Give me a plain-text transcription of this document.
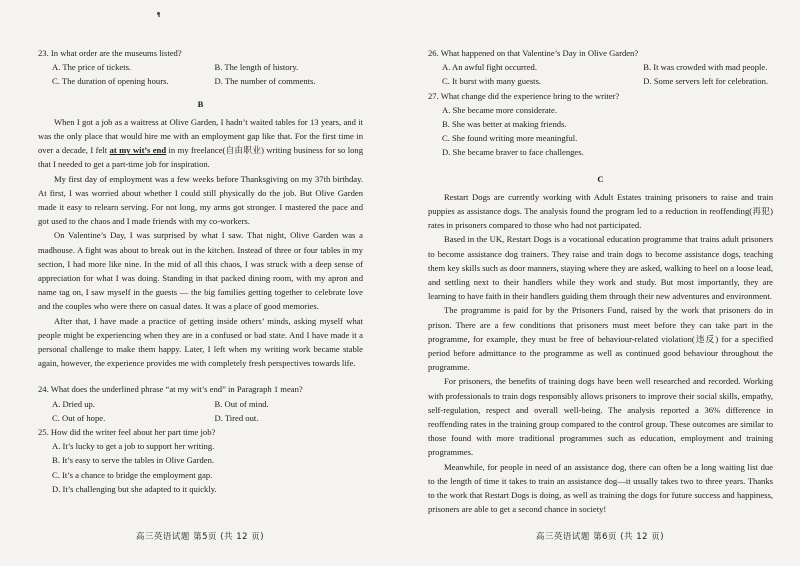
23. In what order are the museums listed?
A. The price of tickets.	B. The length of history.
C. The duration of opening hours.	D. The number of comments.
B

When I got a job as a waitress at Olive Garden, I hadn’t waited tables for 13 years, and it was the only place that would hire me with an employment gap like that. For the first time in over a decade, I felt at my wit’s end in my freelance(自由职业) writing business for so long that I needed to get a part-time job for inspiration.

My first day of employment was a few weeks before Thanksgiving on my 37th birthday. At first, I was worried about whether I could still physically do the job. But Olive Garden made it easy to relearn serving. For not long, my arms got stronger. I mastered the pace and got used to the chaos and I made friends with my co-workers.

On Valentine’s Day, I was surprised by what I saw. That night, Olive Garden was a madhouse. A fight was about to break out in the kitchen. Instead of three or four tables in my section, I had more like nine. In the mid of all this chaos, I was struck with a deep sense of appreciation for what I was doing. Standing in that packed dining room, with my apron and name tag on, I saw myself in the guests — the big families getting together to celebrate love and the couples who were there on casual dates. It was a place of good memories.

After that, I have made a practice of getting inside others’ minds, asking myself what people might be experiencing when they are in a confused or bad state. And I have made it a personal challenge to make them happy. Later, I left when my writing work became stable again, however, the experience provides me with completely fresh perspectives towards life.

24. What does the underlined phrase “at my wit’s end” in Paragraph 1 mean?
A. Dried up.	B. Out of mind.
C. Out of hope.	D. Tired out.
25. How did the writer feel about her part time job?
A. It’s lucky to get a job to support her writing.
B. It’s easy to serve the tables in Olive Garden.
C. It’s a chance to bridge the employment gap.
D. It’s challenging but she adapted to it quickly.
高三英语试题 第5页 (共 12 页)
26. What happened on that Valentine’s Day in Olive Garden?
A. An awful fight occurred.	B. It was crowded with mad people.
C. It burst with many guests.	D. Some servers left for celebration.
27. What change did the experience bring to the writer?
A. She became more considerate.
B. She was better at making friends.
C. She found writing more meaningful.
D. She became braver to face challenges.
C

Restart Dogs are currently working with Adult Estates training prisoners to raise and train puppies as assistance dogs. The analysis found the program led to a reduction in reoffending(再犯) rates in prisoners compared to those who had not participated.

Based in the UK, Restart Dogs is a vocational education programme that trains adult prisoners to become assistance dog trainers. They raise and train dogs to become assistance dogs, teaching them key skills such as door manners, staying where they are asked, walking to heel on a loose lead, and settling next to their handlers while they work and study. But most importantly, they are learning to have faith in their handlers guiding them through their new adventures and environment.

The programme is paid for by the Prisoners Fund, raised by the work that prisoners do in prison. There are a few conditions that prisoners must meet before they can take part in the programme, for example, they must be free of behaviour-related violation(违反) for a specified period before admittance to the programme as well as continued good behaviour throughout the programme.

For prisoners, the benefits of training dogs have been well researched and recorded. Working with professionals to train dogs responsibly allows prisoners to improve their social skills, empathy, self-regulation, respect and overall well-being. The analysis reported a 36% difference in reoffending rates in the training group compared to the control group. These outcomes are similar to those found with more traditional programmes such as education, employment and training programmes.

Meanwhile, for people in need of an assistance dog, there can often be a long waiting list due to the length of time it takes to train an assistance dog—it usually takes two to three years. Thanks to the work that Restart Dogs is doing, as well as training the dogs for future success and happiness, prisoners are able to get a second chance in society!

高三英语试题 第6页 (共 12 页)
